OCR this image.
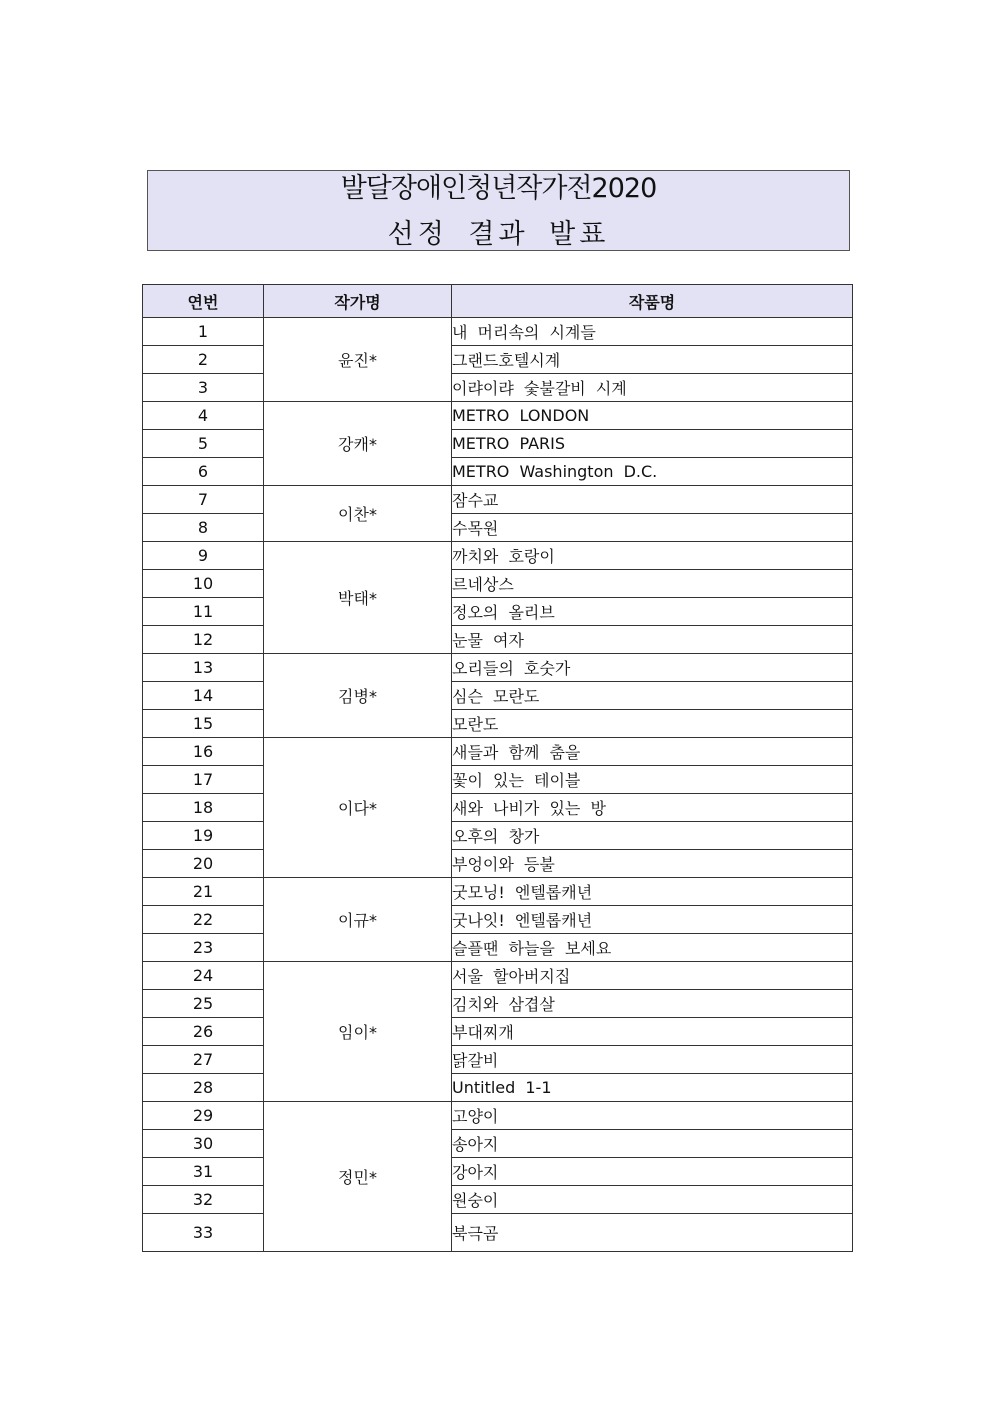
발달장애인청년작가전2020
선정 결과 발표
연번	작가명	작품명
1	윤진*	내 머리속의 시계들
2		그랜드호텔시계
3		이랴이랴 숯불갈비 시계
4	강캐*	METRO LONDON
5		METRO PARIS
6		METRO Washington D.C.
7	이찬*	잠수교
8		수목원
9	박태*	까치와 호랑이
10		르네상스
11		정오의 올리브
12		눈물 여자
13	김병*	오리들의 호숫가
14		심슨 모란도
15		모란도
16	이다*	새들과 함께 춤을
17		꽃이 있는 테이블
18		새와 나비가 있는 방
19		오후의 창가
20		부엉이와 등불
21	이규*	굿모닝! 엔텔롭캐년
22		굿나잇! 엔텔롭캐년
23		슬플땐 하늘을 보세요
24	임이*	서울 할아버지집
25		김치와 삼겹살
26		부대찌개
27		닭갈비
28		Untitled 1-1
29	정민*	고양이
30		송아지
31		강아지
32		원숭이
33		북극곰
